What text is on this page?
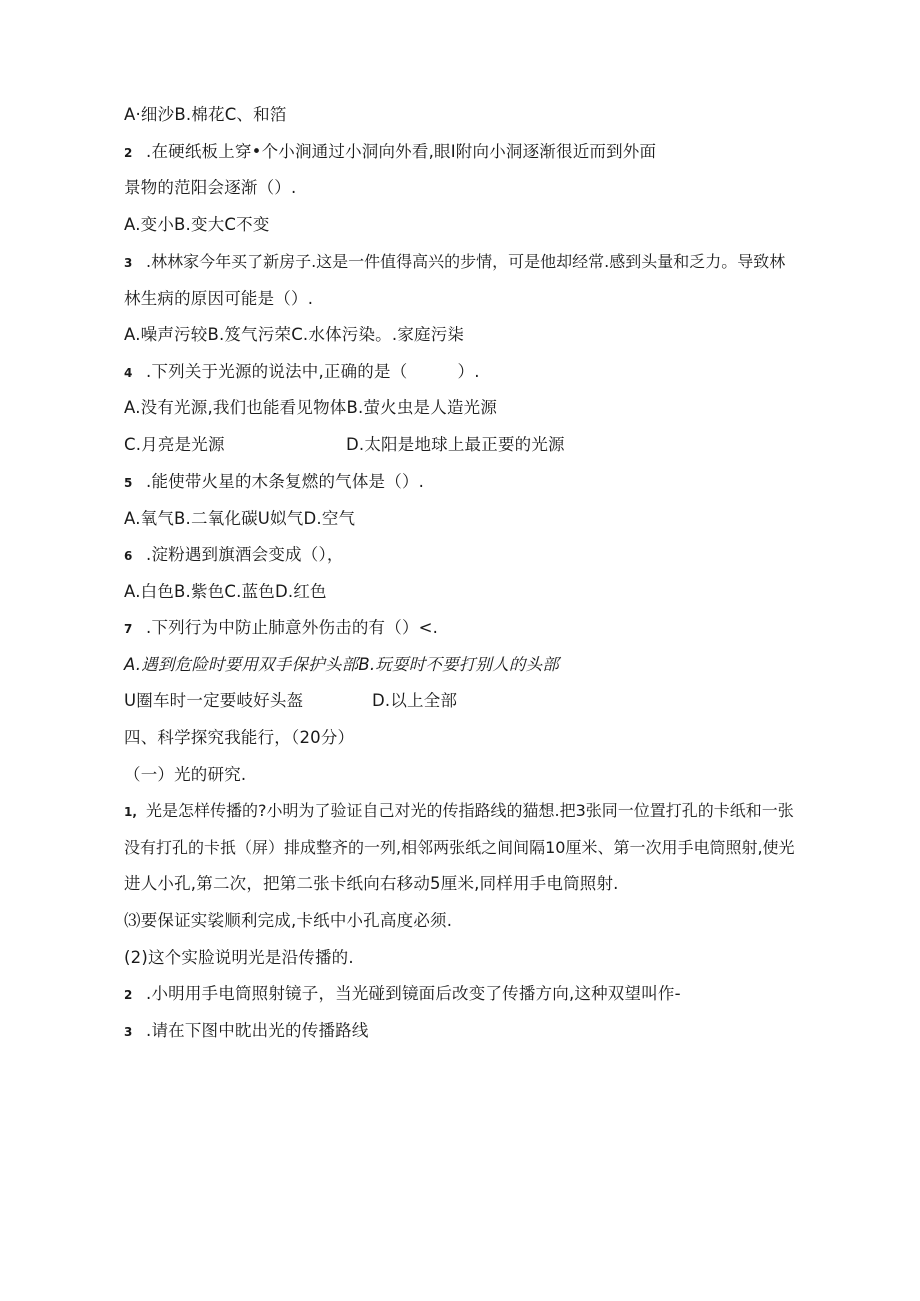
A·细沙B.棉花C、和箔
2 .在硬纸板上穿•个小涧通过小洞向外看,眼I附向小洞逐渐很近而到外面
景物的范阳会逐渐（）.
A.变小B.变大C不变
3 .林林家今年买了新房子.这是一件值得高兴的步情，可是他却经常.感到头量和乏力。导致林
林生病的原因可能是（）.
A.噪声污较B.笈气污荣C.水体污染。.家庭污柒
4 .下列关于光源的说法中,正确的是（　　　）.
A.没有光源,我们也能看见物体B.萤火虫是人造光源
C.月亮是光源	D.太阳是地球上最正要的光源
5 .能使带火星的木条复燃的气体是（）.
A.氧气B.二氧化碳U姒气D.空气
6 .淀粉遇到旗酒会变成（），
A.白色B.紫色C.蓝色D.红色
7 .下列行为中防止肺意外伤击的有（）<.
A.遇到危险时要用双手保护头部B.玩耍时不要打别人的头部
U圈车时一定要岐好头盔	D.以上全部
四、科学探究我能行，（20分）
（一）光的研究.
1, 光是怎样传播的?小明为了验证自己对光的传指路线的猫想.把3张同一位置打孔的卡纸和一张
没有打孔的卡扺（屏）排成整齐的一列,相邻两张纸之间间隔10厘米、第一次用手电筒照射,使光
进人小孔,第二次，把第二张卡纸向右移动5厘米,同样用手电筒照射.
⑶要保证实裟顺利完成,卡纸中小孔高度必须.
(2)这个实脸说明光是沿传播的.
2 .小明用手电筒照射镜子，当光碰到镜面后改变了传播方向,这种双望叫作-
3 .请在下图中眈出光的传播路线
